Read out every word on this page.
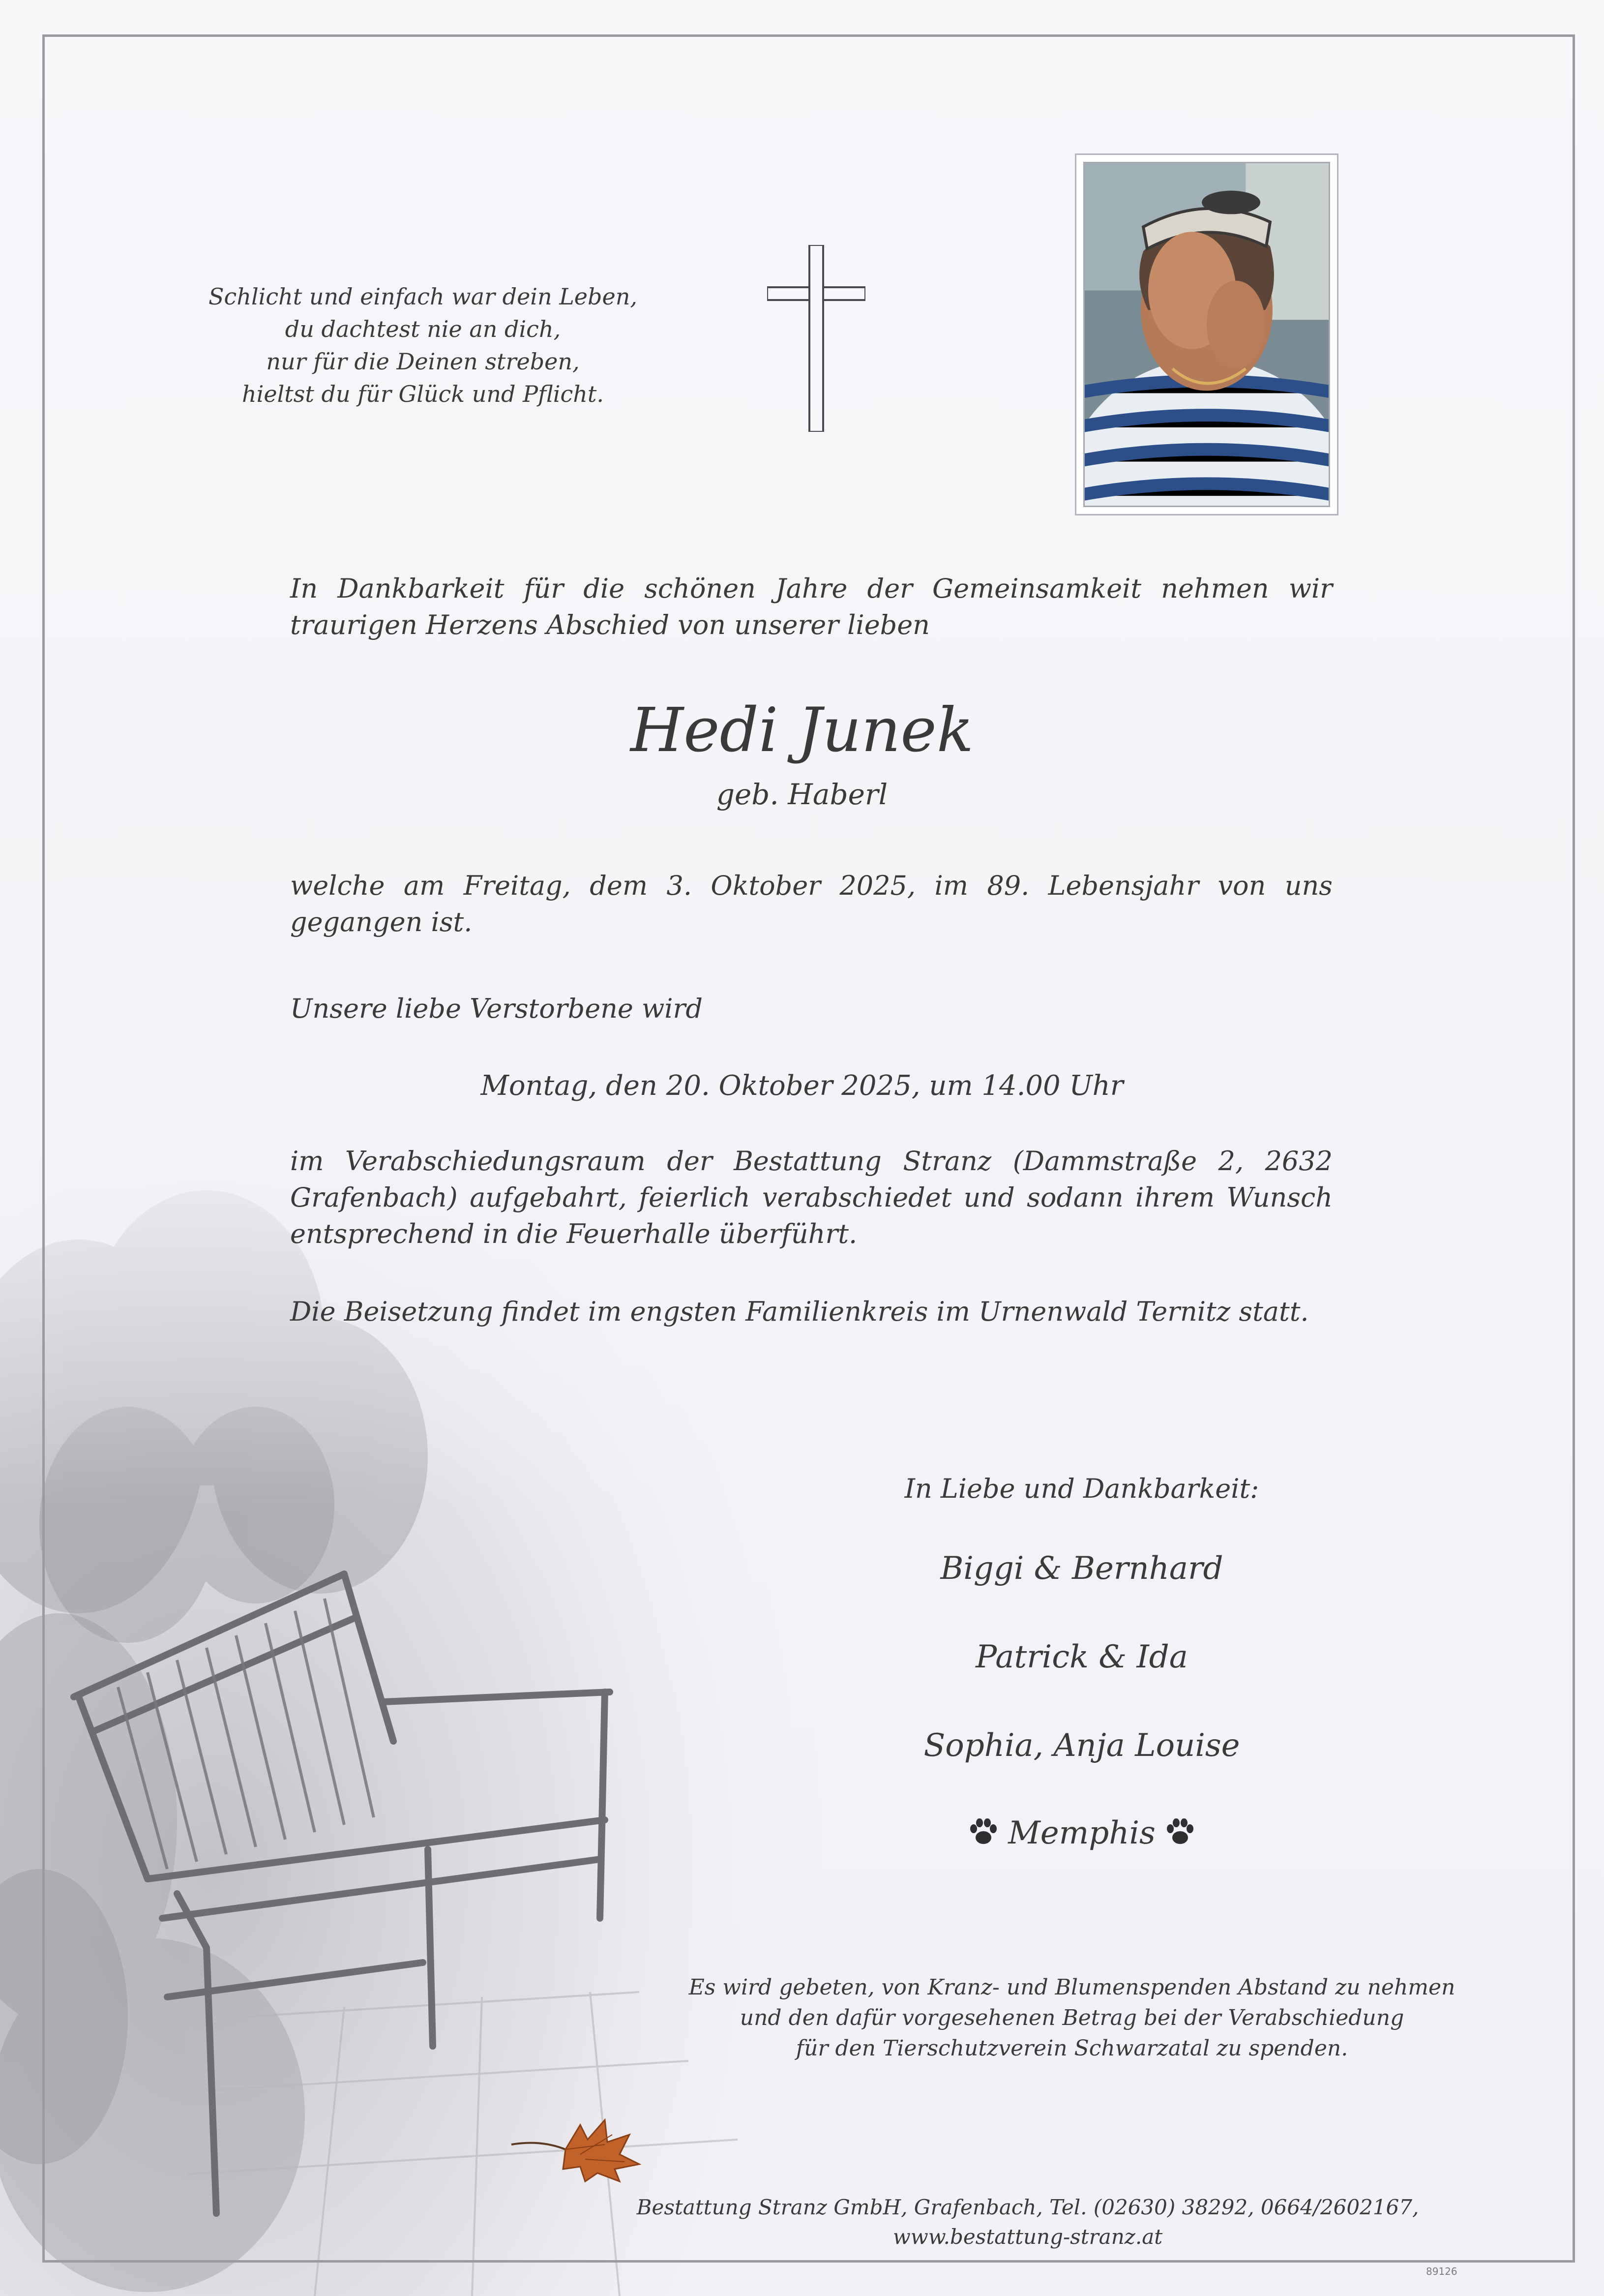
Schlicht und einfach war dein Leben,
du dachtest nie an dich,
nur für die Deinen streben,
hieltst du für Glück und Pflicht.
In Dankbarkeit für die schönen Jahre der Gemeinsamkeit nehmen wir
traurigen Herzens Abschied von unserer lieben
Hedi Junek
geb. Haberl
welche am Freitag, dem 3. Oktober 2025, im 89. Lebensjahr von uns
gegangen ist.
Unsere liebe Verstorbene wird
Montag, den 20. Oktober 2025, um 14.00 Uhr
im Verabschiedungsraum der Bestattung Stranz (Dammstraße 2, 2632
Grafenbach) aufgebahrt, feierlich verabschiedet und sodann ihrem Wunsch
entsprechend in die Feuerhalle überführt.
Die Beisetzung findet im engsten Familienkreis im Urnenwald Ternitz statt.
In Liebe und Dankbarkeit:
Biggi & Bernhard
Patrick & Ida
Sophia, Anja Louise
Memphis
Es wird gebeten, von Kranz- und Blumenspenden Abstand zu nehmen
und den dafür vorgesehenen Betrag bei der Verabschiedung
für den Tierschutzverein Schwarzatal zu spenden.
Bestattung Stranz GmbH, Grafenbach, Tel. (02630) 38292, 0664/2602167,
www.bestattung-stranz.at
89126
